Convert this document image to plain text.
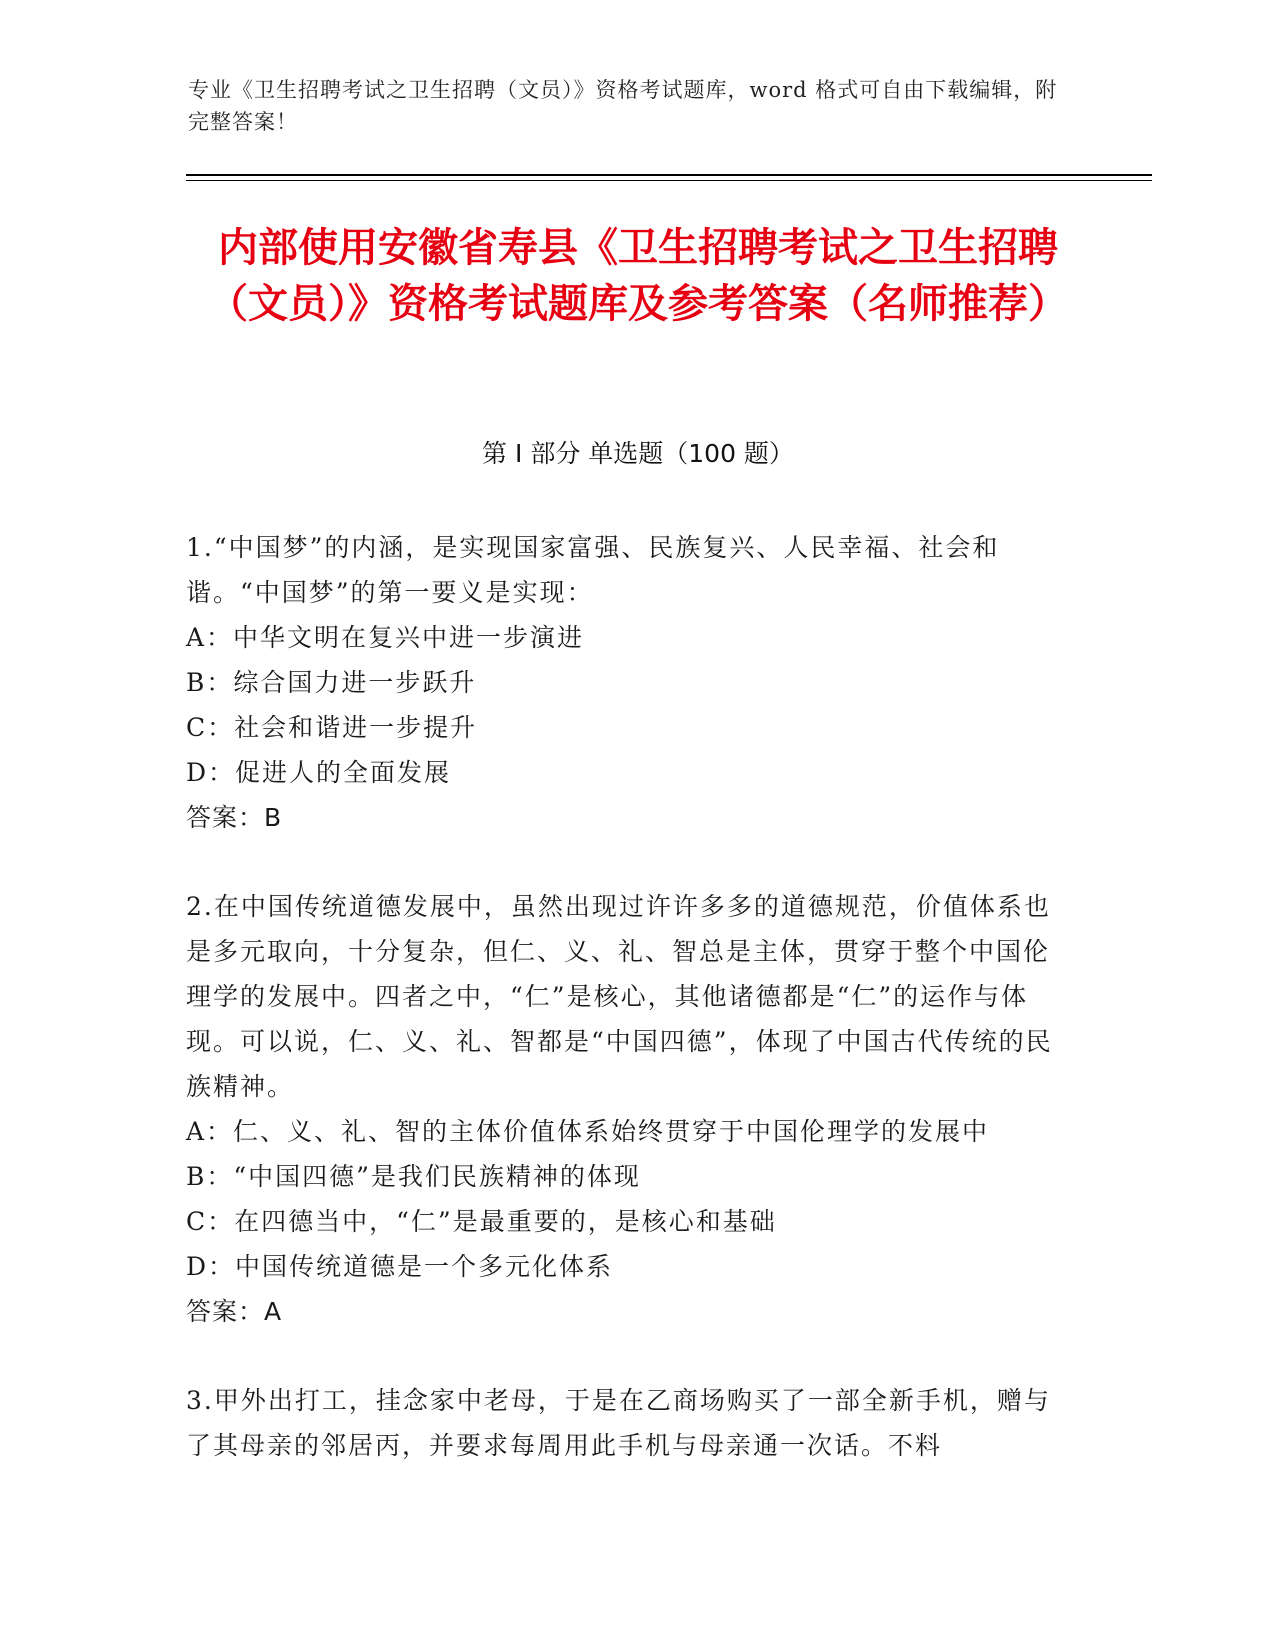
专业《卫生招聘考试之卫生招聘（文员）》资格考试题库，word 格式可自由下载编辑，附完整答案！
内部使用安徽省寿县《卫生招聘考试之卫生招聘（文员）》资格考试题库及参考答案（名师推荐）
第 I 部分 单选题（100 题）

1.“中国梦”的内涵，是实现国家富强、民族复兴、人民幸福、社会和谐。“中国梦”的第一要义是实现：

A：中华文明在复兴中进一步演进

B：综合国力进一步跃升

C：社会和谐进一步提升

D：促进人的全面发展

答案：B

2.在中国传统道德发展中，虽然出现过许许多多的道德规范，价值体系也是多元取向，十分复杂，但仁、义、礼、智总是主体，贯穿于整个中国伦理学的发展中。四者之中，“仁”是核心，其他诸德都是“仁”的运作与体现。可以说，仁、义、礼、智都是“中国四德”，体现了中国古代传统的民族精神。

A：仁、义、礼、智的主体价值体系始终贯穿于中国伦理学的发展中

B：“中国四德”是我们民族精神的体现

C：在四德当中，“仁”是最重要的，是核心和基础

D：中国传统道德是一个多元化体系

答案：A

3.甲外出打工，挂念家中老母，于是在乙商场购买了一部全新手机，赠与了其母亲的邻居丙，并要求每周用此手机与母亲通一次话。不料
